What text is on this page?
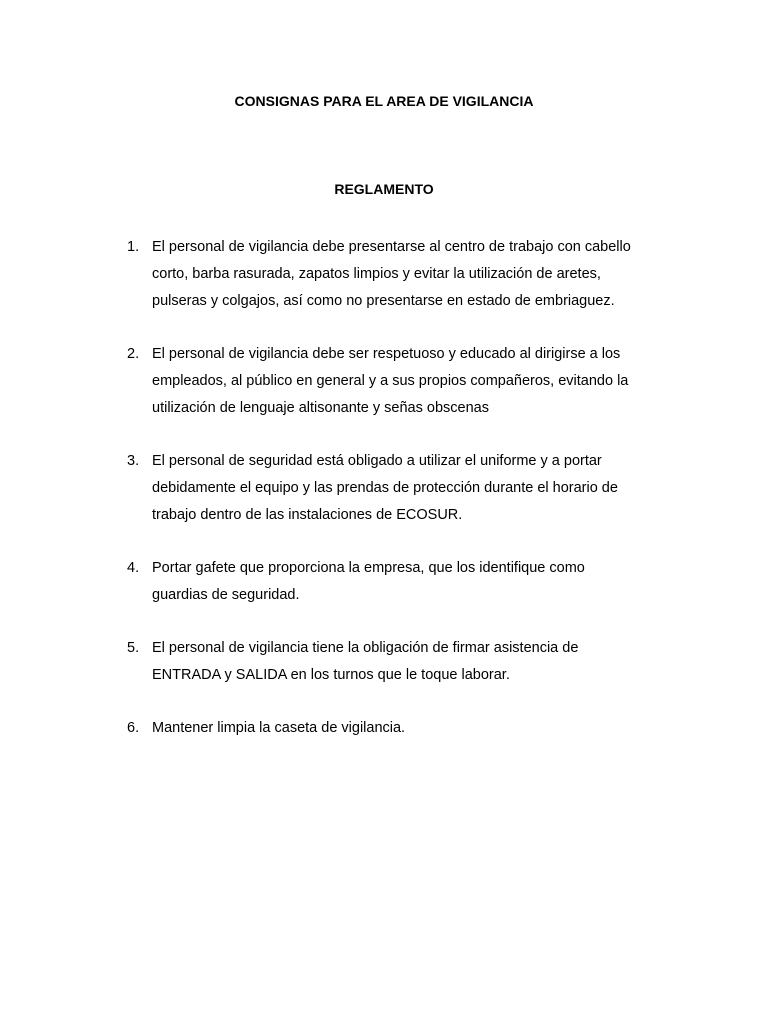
CONSIGNAS PARA EL AREA DE VIGILANCIA
REGLAMENTO
1. El personal de vigilancia debe presentarse al centro de trabajo con cabello
corto, barba rasurada, zapatos limpios y evitar la utilización de aretes,
pulseras y colgajos, así como no presentarse en estado de embriaguez.
2. El personal de vigilancia debe ser respetuoso y educado al dirigirse a los
empleados, al público en general y a sus propios compañeros, evitando la
utilización de lenguaje altisonante y señas obscenas
3. El personal de seguridad está obligado a utilizar el uniforme y a portar
debidamente el equipo y las prendas de protección durante el horario de
trabajo dentro de las instalaciones de ECOSUR.
4. Portar gafete que proporciona la empresa, que los identifique como
guardias de seguridad.
5. El personal de vigilancia tiene la obligación de firmar asistencia de
ENTRADA y SALIDA en los turnos que le toque laborar.
6. Mantener limpia la caseta de vigilancia.
